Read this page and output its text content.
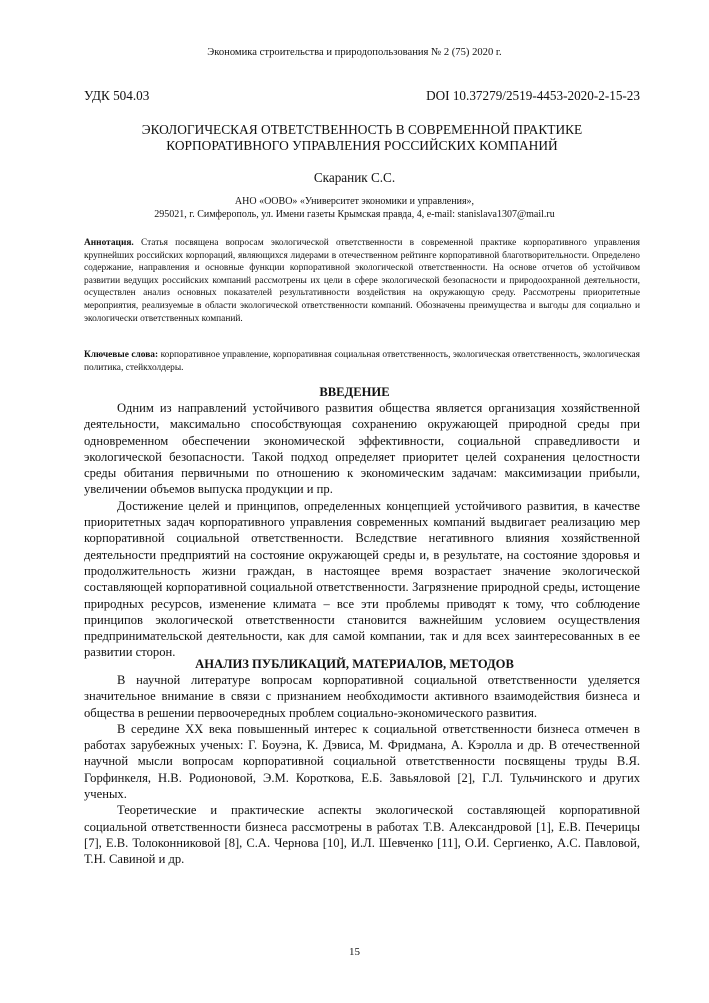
Экономика строительства и природопользования № 2 (75) 2020 г.
УДК 504.03	DOI 10.37279/2519-4453-2020-2-15-23
ЭКОЛОГИЧЕСКАЯ ОТВЕТСТВЕННОСТЬ В СОВРЕМЕННОЙ ПРАКТИКЕ
КОРПОРАТИВНОГО УПРАВЛЕНИЯ РОССИЙСКИХ КОМПАНИЙ
Скараник С.С.
АНО «ООВО» «Университет экономики и управления»,
295021, г. Симферополь, ул. Имени газеты Крымская правда, 4, e-mail: stanislava1307@mail.ru
Аннотация. Статья посвящена вопросам экологической ответственности в современной практике корпоративного управления крупнейших российских корпораций, являющихся лидерами в отечественном рейтинге корпоративной благотворительности. Определено содержание, направления и основные функции корпоративной экологической ответственности. На основе отчетов об устойчивом развитии ведущих российских компаний рассмотрены их цели в сфере экологической безопасности и природоохранной деятельности, осуществлен анализ основных показателей результативности воздействия на окружающую среду. Рассмотрены приоритетные мероприятия, реализуемые в области экологической ответственности компаний. Обозначены преимущества и выгоды для социально и экологически ответственных компаний.
Ключевые слова: корпоративное управление, корпоративная социальная ответственность, экологическая ответственность, экологическая политика, стейкхолдеры.
ВВЕДЕНИЕ

Одним из направлений устойчивого развития общества является организация хозяйственной деятельности, максимально способствующая сохранению окружающей природной среды при одновременном обеспечении экономической эффективности, социальной справедливости и экологической безопасности. Такой подход определяет приоритет целей сохранения целостности среды обитания первичными по отношению к экономическим задачам: максимизации прибыли, увеличении объемов выпуска продукции и пр.

Достижение целей и принципов, определенных концепцией устойчивого развития, в качестве приоритетных задач корпоративного управления современных компаний выдвигает реализацию мер корпоративной социальной ответственности. Вследствие негативного влияния хозяйственной деятельности предприятий на состояние окружающей среды и, в результате, на состояние здоровья и продолжительность жизни граждан, в настоящее время возрастает значение экологической составляющей корпоративной социальной ответственности. Загрязнение природной среды, истощение природных ресурсов, изменение климата – все эти проблемы приводят к тому, что соблюдение принципов экологической ответственности становится важнейшим условием осуществления предпринимательской деятельности, как для самой компании, так и для всех заинтересованных в ее развитии сторон.

АНАЛИЗ ПУБЛИКАЦИЙ, МАТЕРИАЛОВ, МЕТОДОВ

В научной литературе вопросам корпоративной социальной ответственности уделяется значительное внимание в связи с признанием необходимости активного взаимодействия бизнеса и общества в решении первоочередных проблем социально-экономического развития.

В середине XX века повышенный интерес к социальной ответственности бизнеса отмечен в работах зарубежных ученых: Г. Боуэна, К. Дэвиса, М. Фридмана, А. Кэролла и др. В отечественной научной мысли вопросам корпоративной социальной ответственности посвящены труды В.Я. Горфинкеля, Н.В. Родионовой, Э.М. Короткова, Е.Б. Завьяловой [2], Г.Л. Тульчинского и других ученых.

Теоретические и практические аспекты экологической составляющей корпоративной социальной ответственности бизнеса рассмотрены в работах Т.В. Александровой [1], Е.В. Печерицы [7], Е.В. Толоконниковой [8], С.А. Чернова [10], И.Л. Шевченко [11], О.И. Сергиенко, А.С. Павловой, Т.Н. Савиной и др.

15
